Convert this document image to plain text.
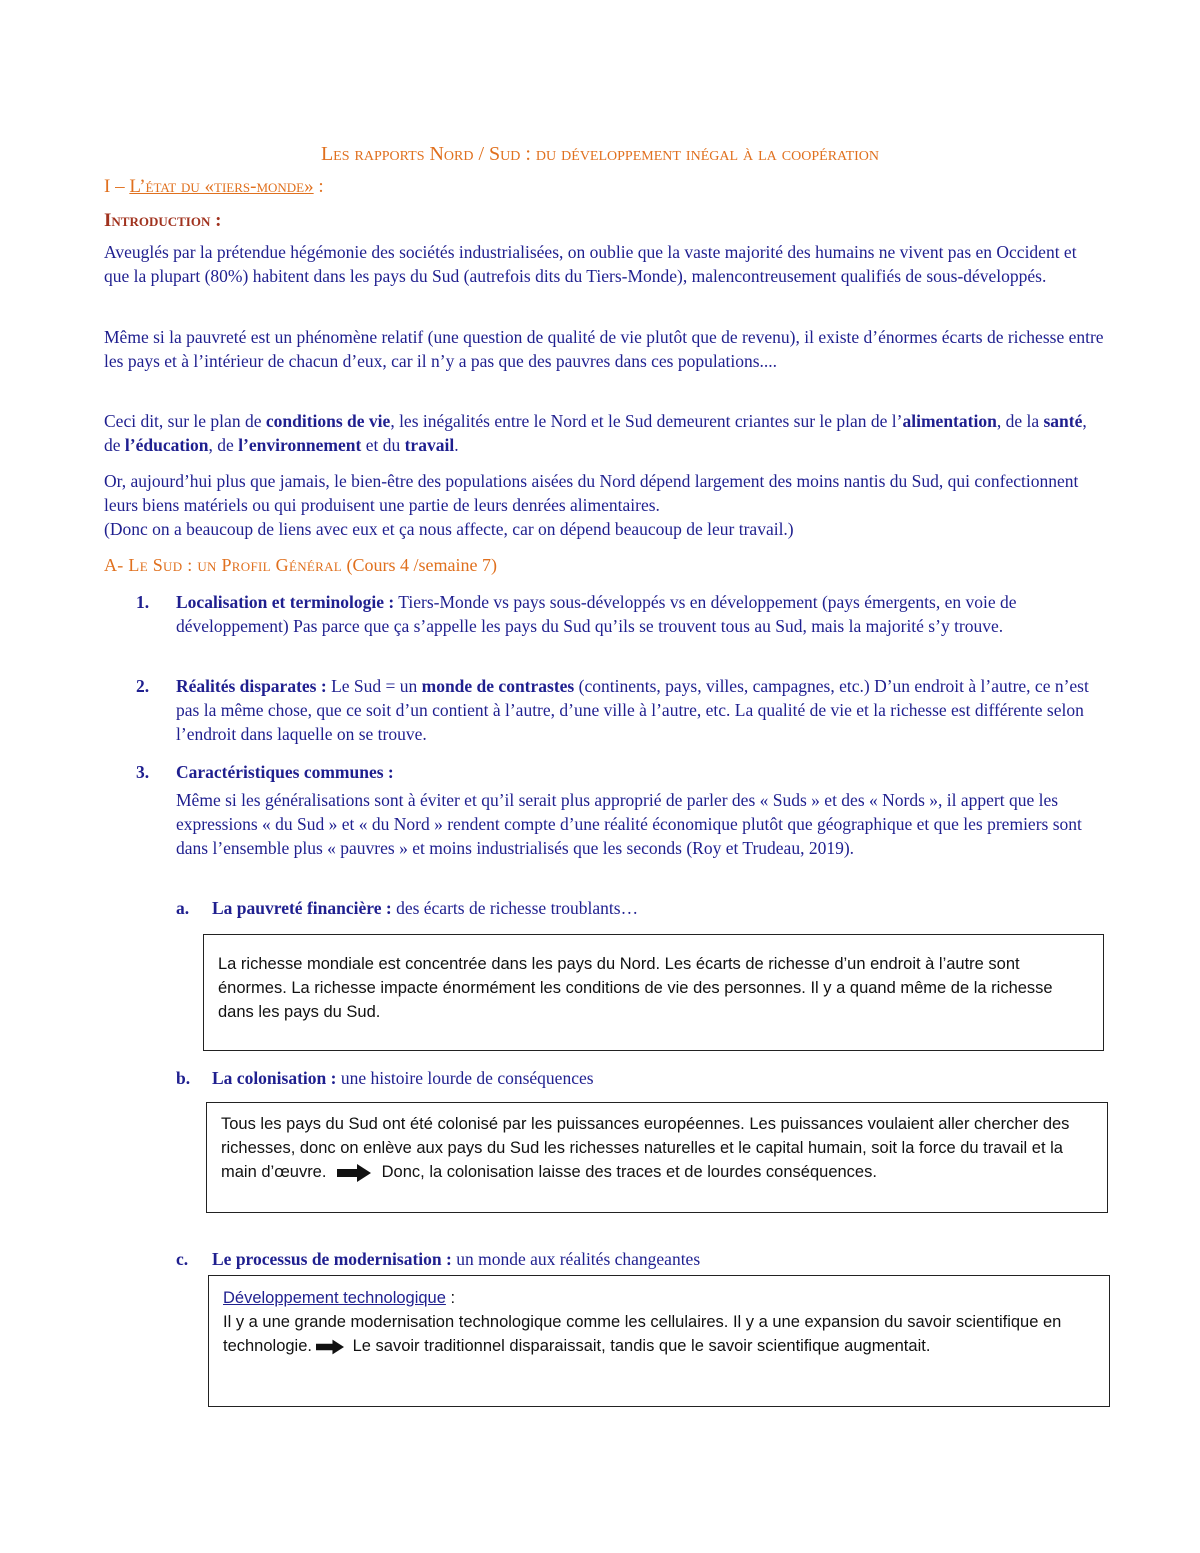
Les rapports Nord / Sud : du développement inégal à la coopération
I – L’état du «tiers-monde» :
Introduction :
Aveuglés par la prétendue hégémonie des sociétés industrialisées, on oublie que la vaste majorité des humains ne vivent pas en Occident et que la plupart (80%) habitent dans les pays du Sud (autrefois dits du Tiers-Monde), malencontreusement qualifiés de sous-développés.
Même si la pauvreté est un phénomène relatif (une question de qualité de vie plutôt que de revenu), il existe d’énormes écarts de richesse entre les pays et à l’intérieur de chacun d’eux, car il n’y a pas que des pauvres dans ces populations....
Ceci dit, sur le plan de conditions de vie, les inégalités entre le Nord et le Sud demeurent criantes sur le plan de l’alimentation, de la santé, de l’éducation, de l’environnement et du travail.
Or, aujourd’hui plus que jamais, le bien-être des populations aisées du Nord dépend largement des moins nantis du Sud, qui confectionnent leurs biens matériels ou qui produisent une partie de leurs denrées alimentaires.
(Donc on a beaucoup de liens avec eux et ça nous affecte, car on dépend beaucoup de leur travail.)
A- Le Sud : un Profil Général (Cours 4 /semaine 7)
1. Localisation et terminologie : Tiers-Monde vs pays sous-développés vs en développement (pays émergents, en voie de développement) Pas parce que ça s’appelle les pays du Sud qu’ils se trouvent tous au Sud, mais la majorité s’y trouve.
2. Réalités disparates : Le Sud = un monde de contrastes (continents, pays, villes, campagnes, etc.) D’un endroit à l’autre, ce n’est pas la même chose, que ce soit d’un contient à l’autre, d’une ville à l’autre, etc. La qualité de vie et la richesse est différente selon l’endroit dans laquelle on se trouve.
3. Caractéristiques communes :
Même si les généralisations sont à éviter et qu’il serait plus approprié de parler des « Suds » et des « Nords », il appert que les expressions « du Sud » et « du Nord » rendent compte d’une réalité économique plutôt que géographique et que les premiers sont dans l’ensemble plus « pauvres » et moins industrialisés que les seconds (Roy et Trudeau, 2019).
a. La pauvreté financière : des écarts de richesse troublants…
La richesse mondiale est concentrée dans les pays du Nord. Les écarts de richesse d’un endroit à l’autre sont énormes. La richesse impacte énormément les conditions de vie des personnes. Il y a quand même de la richesse dans les pays du Sud.
b. La colonisation : une histoire lourde de conséquences
Tous les pays du Sud ont été colonisé par les puissances européennes. Les puissances voulaient aller chercher des richesses, donc on enlève aux pays du Sud les richesses naturelles et le capital humain, soit la force du travail et la main d’œuvre.	Donc, la colonisation laisse des traces et de lourdes conséquences.
c. Le processus de modernisation : un monde aux réalités changeantes
Développement technologique :
Il y a une grande modernisation technologique comme les cellulaires. Il y a une expansion du savoir scientifique en technologie. Le savoir traditionnel disparaissait, tandis que le savoir scientifique augmentait.
